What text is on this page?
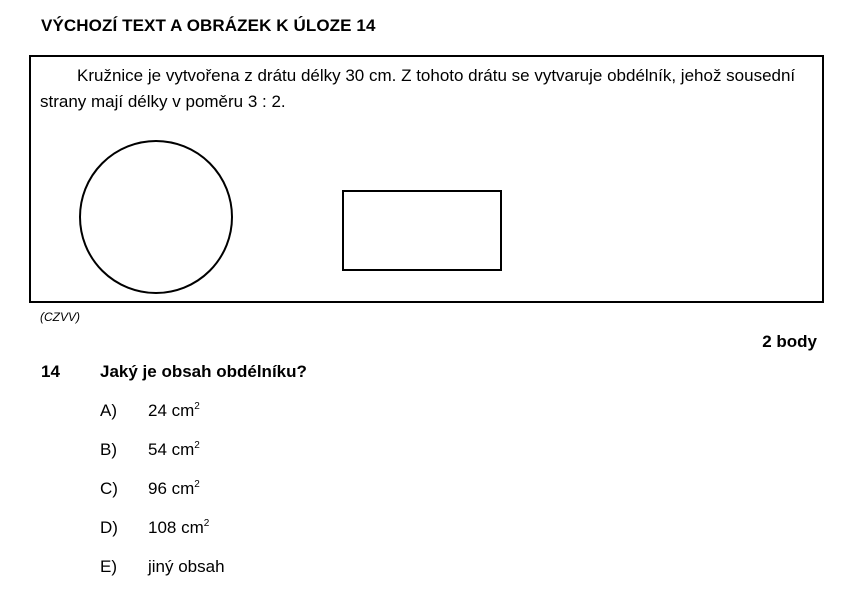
VÝCHOZÍ TEXT A OBRÁZEK K ÚLOZE 14
Kružnice je vytvořena z drátu délky 30 cm. Z tohoto drátu se vytvaruje obdélník, jehož sousední strany mají délky v poměru 3 : 2.
(CZVV)
2 body
14 Jaký je obsah obdélníku?
A) 24 $cm^2$
B) 54 $cm^2$
C) 96 $cm^2$
D) 108 $cm^2$
E) jiný obsah
